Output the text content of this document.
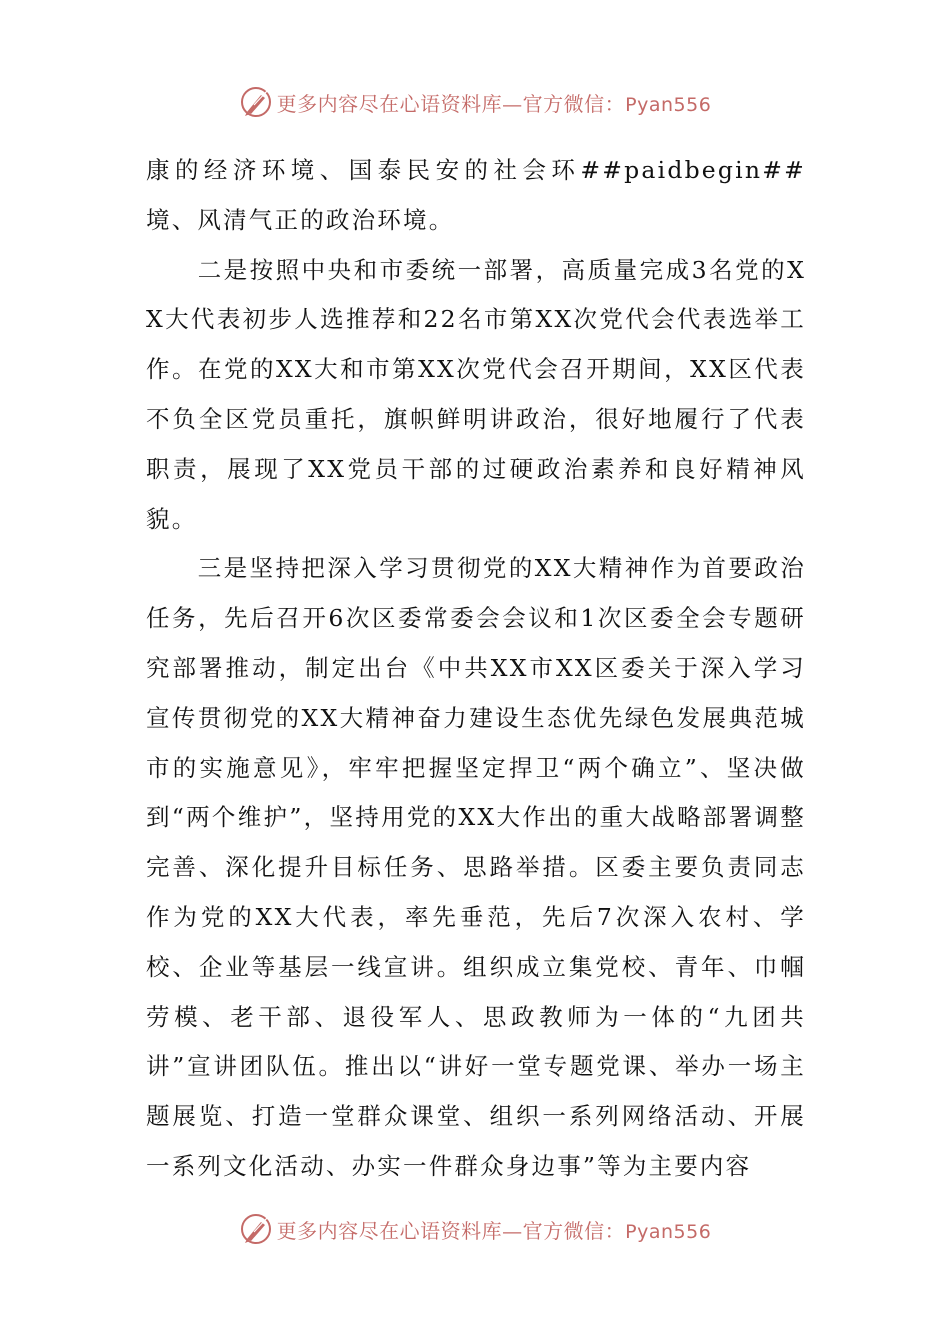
更多内容尽在心语资料库—官方微信：Pyan556

康的经济环境、国泰民安的社会环##paidbegin##境、风清气正的政治环境。

二是按照中央和市委统一部署，高质量完成3名党的XX大代表初步人选推荐和22名市第XX次党代会代表选举工作。在党的XX大和市第XX次党代会召开期间，XX区代表不负全区党员重托，旗帜鲜明讲政治，很好地履行了代表职责，展现了XX党员干部的过硬政治素养和良好精神风貌。

三是坚持把深入学习贯彻党的XX大精神作为首要政治任务，先后召开6次区委常委会会议和1次区委全会专题研究部署推动，制定出台《中共XX市XX区委关于深入学习宣传贯彻党的XX大精神奋力建设生态优先绿色发展典范城市的实施意见》，牢牢把握坚定捍卫“两个确立”、坚决做到“两个维护”，坚持用党的XX大作出的重大战略部署调整完善、深化提升目标任务、思路举措。区委主要负责同志作为党的XX大代表，率先垂范，先后7次深入农村、学校、企业等基层一线宣讲。组织成立集党校、青年、巾帼劳模、老干部、退役军人、思政教师为一体的“九团共讲”宣讲团队伍。推出以“讲好一堂专题党课、举办一场主题展览、打造一堂群众课堂、组织一系列网络活动、开展一系列文化活动、办实一件群众身边事”等为主要内容

更多内容尽在心语资料库—官方微信：Pyan556
